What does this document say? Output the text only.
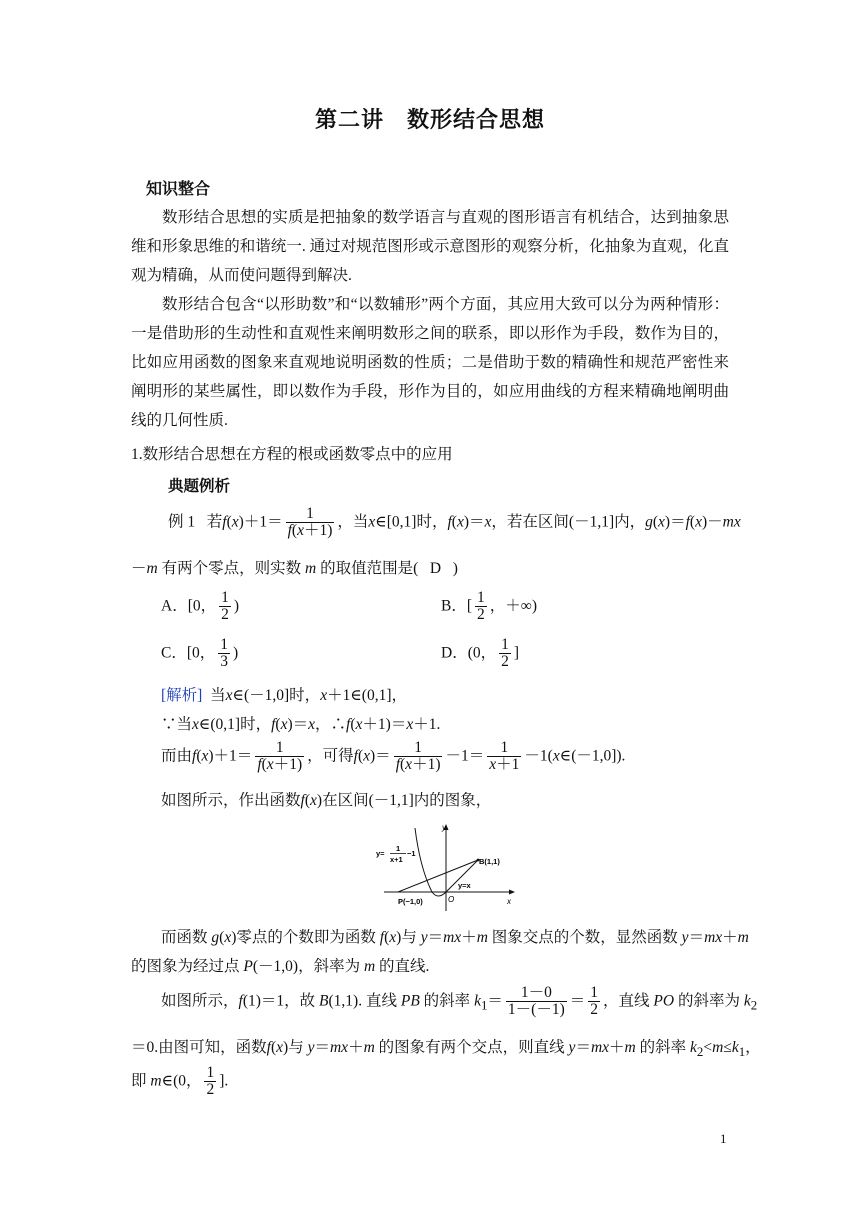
第二讲　数形结合思想
知识整合
数形结合思想的实质是把抽象的数学语言与直观的图形语言有机结合，达到抽象思维和形象思维的和谐统一. 通过对规范图形或示意图形的观察分析，化抽象为直观，化直观为精确，从而使问题得到解决.
数形结合包含“以形助数”和“以数辅形”两个方面，其应用大致可以分为两种情形：一是借助形的生动性和直观性来阐明数形之间的联系，即以形作为手段，数作为目的，比如应用函数的图象来直观地说明函数的性质；二是借助于数的精确性和规范严密性来阐明形的某些属性，即以数作为手段，形作为目的，如应用曲线的方程来精确地阐明曲线的几何性质.
1.数形结合思想在方程的根或函数零点中的应用
典题例析
例 1   若$f(x)+1= \frac{1}{f(x+1)}$ ，当x∈[0,1]时，f(x)＝x，若在区间(－1,1]内，g(x)＝f(x)－mx
－m 有两个零点，则实数 m 的取值范围是( D   )
A．[0， $\frac{1}{2}$ )	B．[ $\frac{1}{2}$ ，＋∞)
C．[0， $\frac{1}{3}$ )	D．(0， $\frac{1}{2}$ ]
[解析] 当x∈(－1,0]时，x＋1∈(0,1]，
∵当x∈(0,1]时，f(x)＝x，∴f(x＋1)＝x＋1.
而由$f(x)+1= \frac{1}{f(x+1)}$ ，可得$f(x)= \frac{1}{f(x+1)} -1= \frac{1}{x+1}$ －1(x∈(－1,0]).
如图所示，作出函数f(x)在区间(－1,1]内的图象，
y
x
O
B(1,1)
y=x
P(−1,0)
y=
1
x+1
−1
而函数 g(x)零点的个数即为函数 f(x)与 y＝mx＋m 图象交点的个数，显然函数 y＝mx＋m
的图象为经过点 P(－1,0)，斜率为 m 的直线.
如图所示，f(1)＝1，故 B(1,1). 直线 PB 的斜率 $k_1= \frac{1-0}{1-(-1)} = \frac{1}{2}$ ，直线 PO 的斜率为 $k_2$
＝0.由图可知，函数f(x)与 y＝mx＋m 的图象有两个交点，则直线 y＝mx＋m 的斜率 $k_2<m\le k_1$，
即 m∈(0， $\frac{1}{2}$ ].
1
